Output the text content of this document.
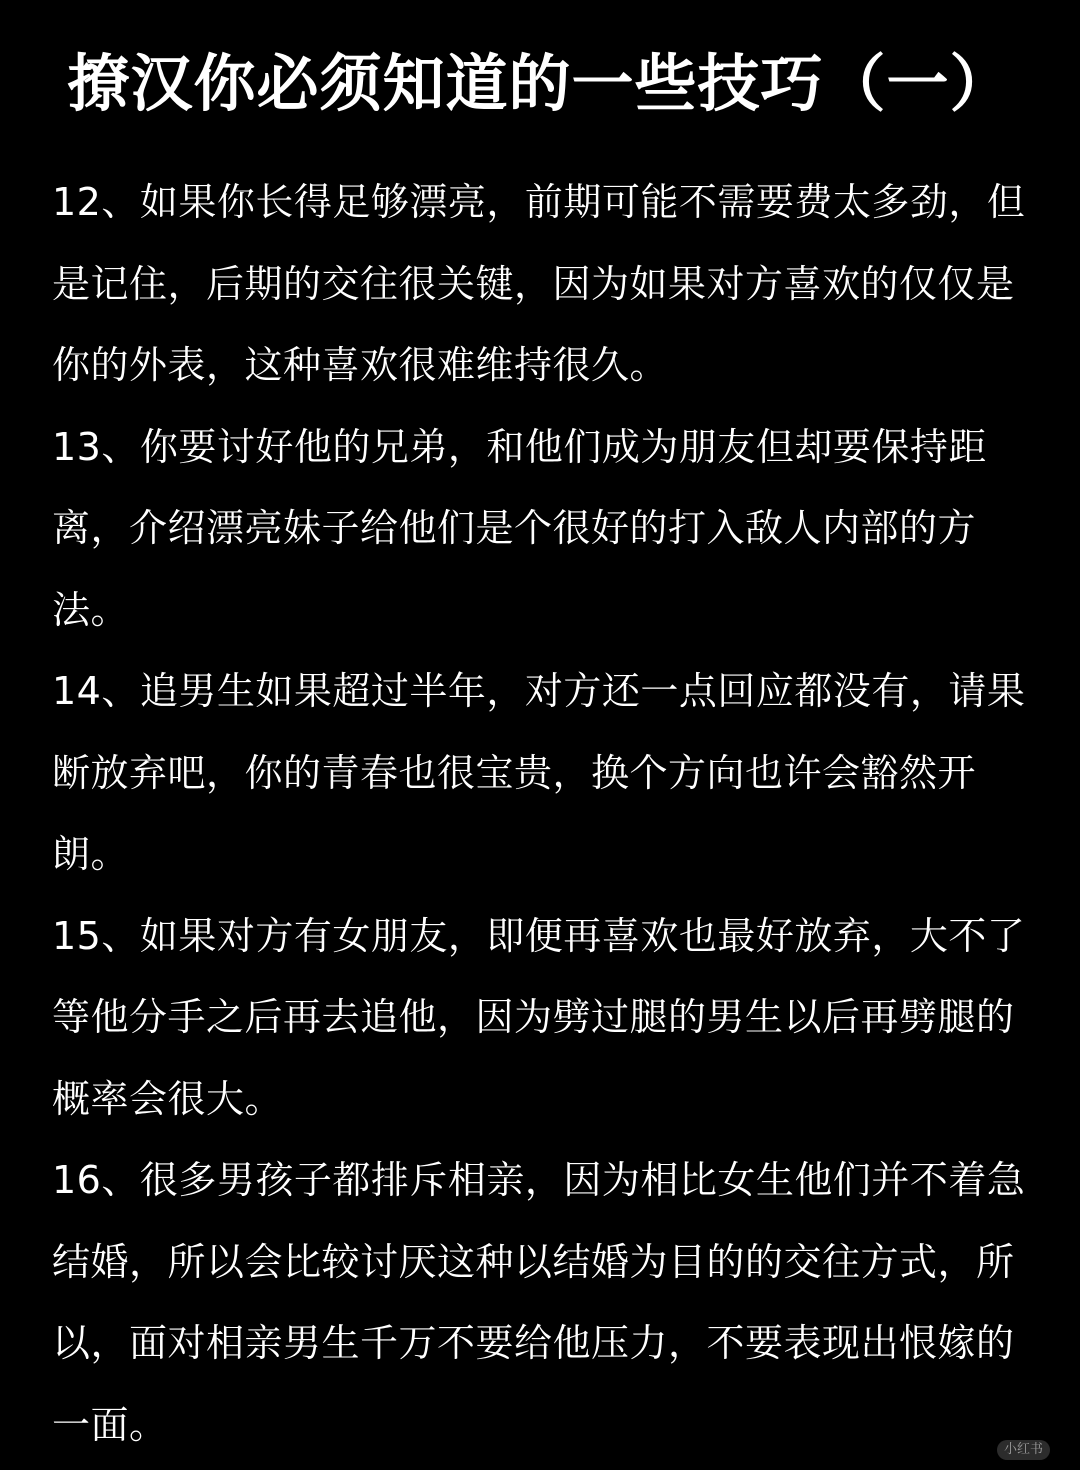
撩汉你必须知道的一些技巧（一）

12、如果你长得足够漂亮，前期可能不需要费太多劲，但是记住，后期的交往很关键，因为如果对方喜欢的仅仅是你的外表，这种喜欢很难维持很久。

13、你要讨好他的兄弟，和他们成为朋友但却要保持距离，介绍漂亮妹子给他们是个很好的打入敌人内部的方法。

14、追男生如果超过半年，对方还一点回应都没有，请果断放弃吧，你的青春也很宝贵，换个方向也许会豁然开朗。

15、如果对方有女朋友，即便再喜欢也最好放弃，大不了等他分手之后再去追他，因为劈过腿的男生以后再劈腿的概率会很大。

16、很多男孩子都排斥相亲，因为相比女生他们并不着急结婚，所以会比较讨厌这种以结婚为目的的交往方式，所以，面对相亲男生千万不要给他压力，不要表现出恨嫁的一面。

小红书
